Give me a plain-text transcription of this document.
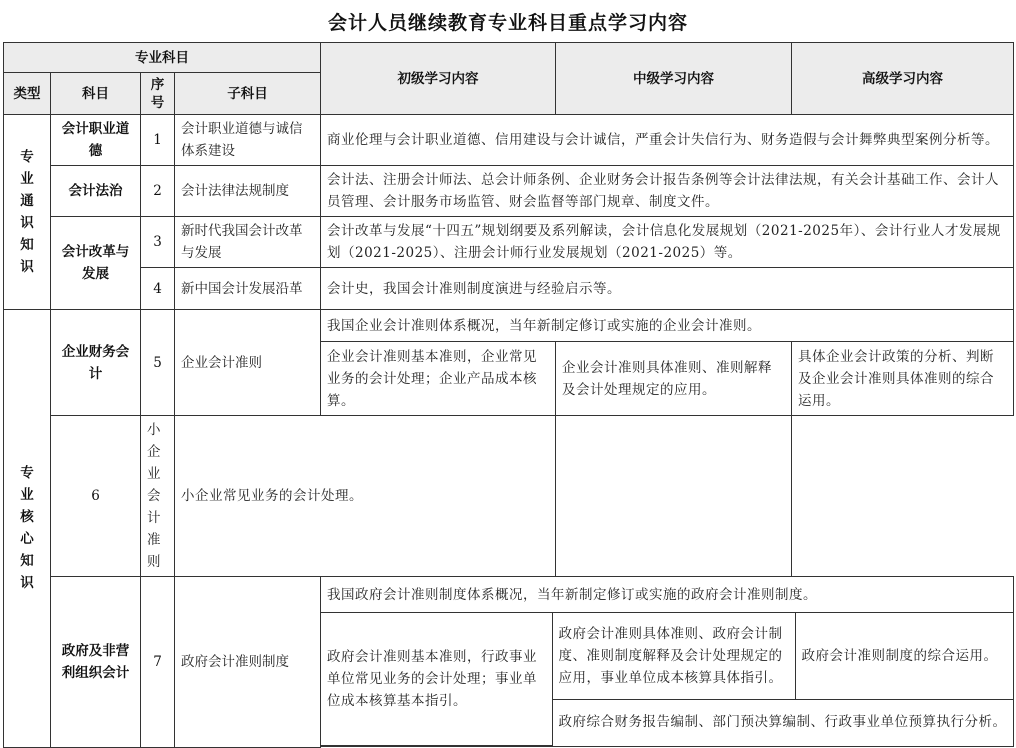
会计人员继续教育专业科目重点学习内容
专业科目	初级学习内容	中级学习内容	高级学习内容
类型	科目	序号	子科目
专业通识知识	会计职业道德	1	会计职业道德与诚信体系建设	商业伦理与会计职业道德、信用建设与会计诚信，严重会计失信行为、财务造假与会计舞弊典型案例分析等。
会计法治	2	会计法律法规制度	会计法、注册会计师法、总会计师条例、企业财务会计报告条例等会计法律法规，有关会计基础工作、会计人员管理、会计服务市场监管、财会监督等部门规章、制度文件。
会计改革与发展	3	新时代我国会计改革与发展	会计改革与发展“十四五”规划纲要及系列解读，会计信息化发展规划（2021-2025年）、会计行业人才发展规划（2021-2025）、注册会计师行业发展规划（2021-2025）等。
4	新中国会计发展沿革	会计史，我国会计准则制度演进与经验启示等。
专业核心知识	企业财务会计	5	企业会计准则	我国企业会计准则体系概况，当年新制定修订或实施的企业会计准则。
企业会计准则基本准则，企业常见业务的会计处理；企业产品成本核算。	企业会计准则具体准则、准则解释及会计处理规定的应用。	具体企业会计政策的分析、判断及企业会计准则具体准则的综合运用。
6	小企业会计准则	小企业常见业务的会计处理。	
政府及非营利组织会计	7	政府会计准则制度	我国政府会计准则制度体系概况，当年新制定修订或实施的政府会计准则制度。

政府会计准则基本准则，行政事业单位常见业务的会计处理；事业单位成本核算基本指引。	政府会计准则具体准则、政府会计制度、准则制度解释及会计处理规定的应用，事业单位成本核算具体指引。	政府会计准则制度的综合运用。
政府综合财务报告编制、部门预决算编制、行政事业单位预算执行分析。
